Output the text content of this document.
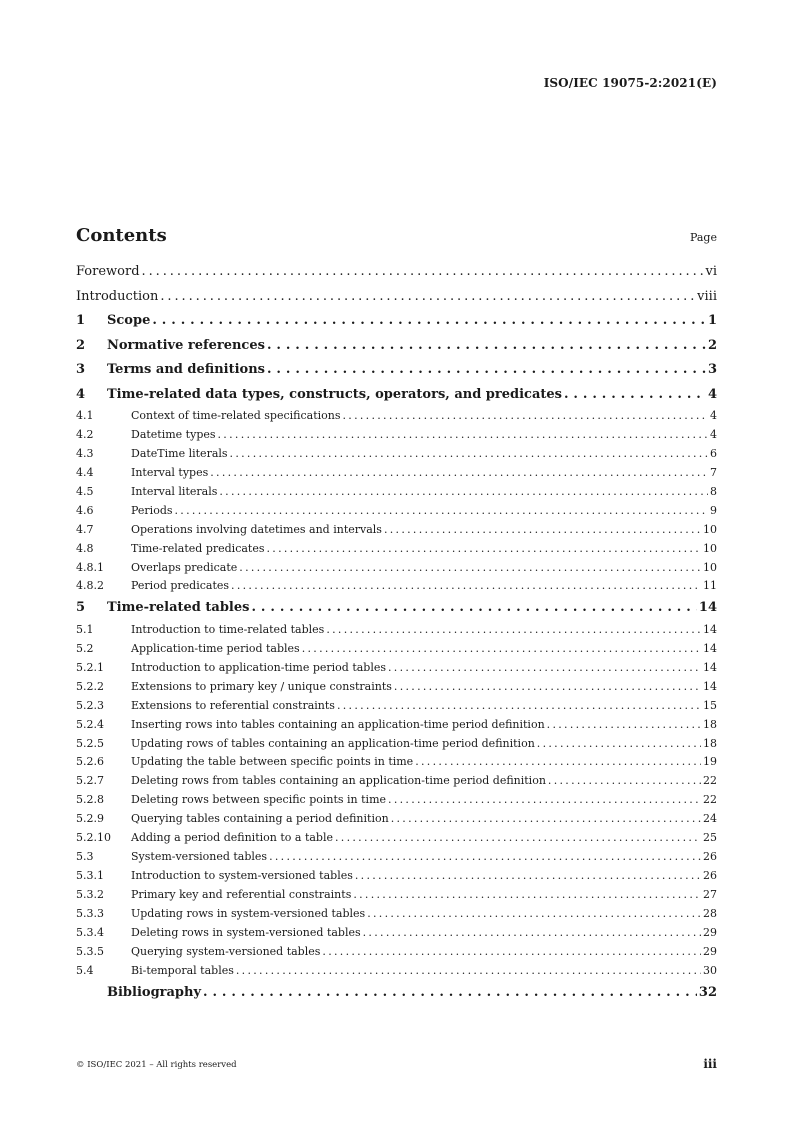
ISO/IEC 19075-2:2021(E)
Contents	Page
Foreword . . .	vi
Introduction . . .	viii
1	Scope . . .	1
2	Normative references . . .	2
3	Terms and definitions . . .	3
4	Time-related data types, constructs, operators, and predicates . . .	4
4.1	Context of time-related specifications . . .	4
4.2	Datetime types . . .	4
4.3	DateTime literals . . .	6
4.4	Interval types . . .	7
4.5	Interval literals . . .	8
4.6	Periods . . .	9
4.7	Operations involving datetimes and intervals . . .	10
4.8	Time-related predicates . . .	10
4.8.1	Overlaps predicate . . .	10
4.8.2	Period predicates . . .	11
5	Time-related tables . . .	14
5.1	Introduction to time-related tables . . .	14
5.2	Application-time period tables . . .	14
5.2.1	Introduction to application-time period tables . . .	14
5.2.2	Extensions to primary key / unique constraints . . .	14
5.2.3	Extensions to referential constraints . . .	15
5.2.4	Inserting rows into tables containing an application-time period definition . . .	18
5.2.5	Updating rows of tables containing an application-time period definition . . .	18
5.2.6	Updating the table between specific points in time . . .	19
5.2.7	Deleting rows from tables containing an application-time period definition . . .	22
5.2.8	Deleting rows between specific points in time . . .	22
5.2.9	Querying tables containing a period definition . . .	24
5.2.10	Adding a period definition to a table . . .	25
5.3	System-versioned tables . . .	26
5.3.1	Introduction to system-versioned tables . . .	26
5.3.2	Primary key and referential constraints . . .	27
5.3.3	Updating rows in system-versioned tables . . .	28
5.3.4	Deleting rows in system-versioned tables . . .	29
5.3.5	Querying system-versioned tables . . .	29
5.4	Bi-temporal tables . . .	30
Bibliography . . .	32
© ISO/IEC 2021 – All rights reserved	iii
